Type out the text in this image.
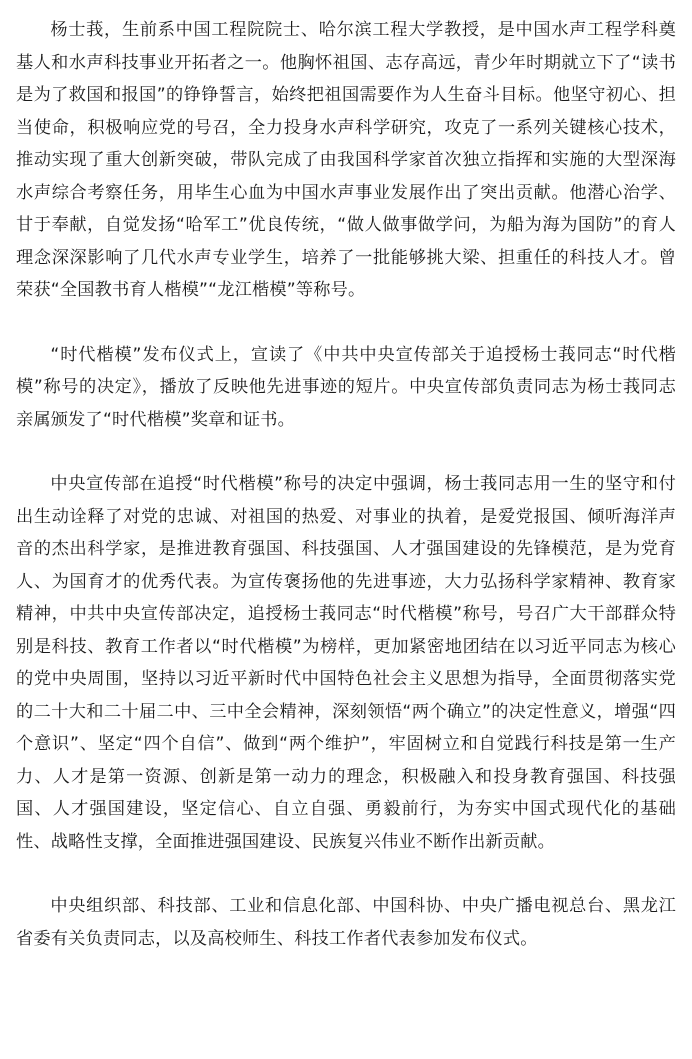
杨士莪，生前系中国工程院院士、哈尔滨工程大学教授，是中国水声工程学科奠基人和水声科技事业开拓者之一。他胸怀祖国、志存高远，青少年时期就立下了“读书是为了救国和报国”的铮铮誓言，始终把祖国需要作为人生奋斗目标。他坚守初心、担当使命，积极响应党的号召，全力投身水声科学研究，攻克了一系列关键核心技术，推动实现了重大创新突破，带队完成了由我国科学家首次独立指挥和实施的大型深海水声综合考察任务，用毕生心血为中国水声事业发展作出了突出贡献。他潜心治学、甘于奉献，自觉发扬“哈军工”优良传统，“做人做事做学问，为船为海为国防”的育人理念深深影响了几代水声专业学生，培养了一批能够挑大梁、担重任的科技人才。曾荣获“全国教书育人楷模”“龙江楷模”等称号。

“时代楷模”发布仪式上，宣读了《中共中央宣传部关于追授杨士莪同志“时代楷模”称号的决定》，播放了反映他先进事迹的短片。中央宣传部负责同志为杨士莪同志亲属颁发了“时代楷模”奖章和证书。

中央宣传部在追授“时代楷模”称号的决定中强调，杨士莪同志用一生的坚守和付出生动诠释了对党的忠诚、对祖国的热爱、对事业的执着，是爱党报国、倾听海洋声音的杰出科学家，是推进教育强国、科技强国、人才强国建设的先锋模范，是为党育人、为国育才的优秀代表。为宣传褒扬他的先进事迹，大力弘扬科学家精神、教育家精神，中共中央宣传部决定，追授杨士莪同志“时代楷模”称号，号召广大干部群众特别是科技、教育工作者以“时代楷模”为榜样，更加紧密地团结在以习近平同志为核心的党中央周围，坚持以习近平新时代中国特色社会主义思想为指导，全面贯彻落实党的二十大和二十届二中、三中全会精神，深刻领悟“两个确立”的决定性意义，增强“四个意识”、坚定“四个自信”、做到“两个维护”，牢固树立和自觉践行科技是第一生产力、人才是第一资源、创新是第一动力的理念，积极融入和投身教育强国、科技强国、人才强国建设，坚定信心、自立自强、勇毅前行，为夯实中国式现代化的基础性、战略性支撑，全面推进强国建设、民族复兴伟业不断作出新贡献。

中央组织部、科技部、工业和信息化部、中国科协、中央广播电视总台、黑龙江省委有关负责同志，以及高校师生、科技工作者代表参加发布仪式。
